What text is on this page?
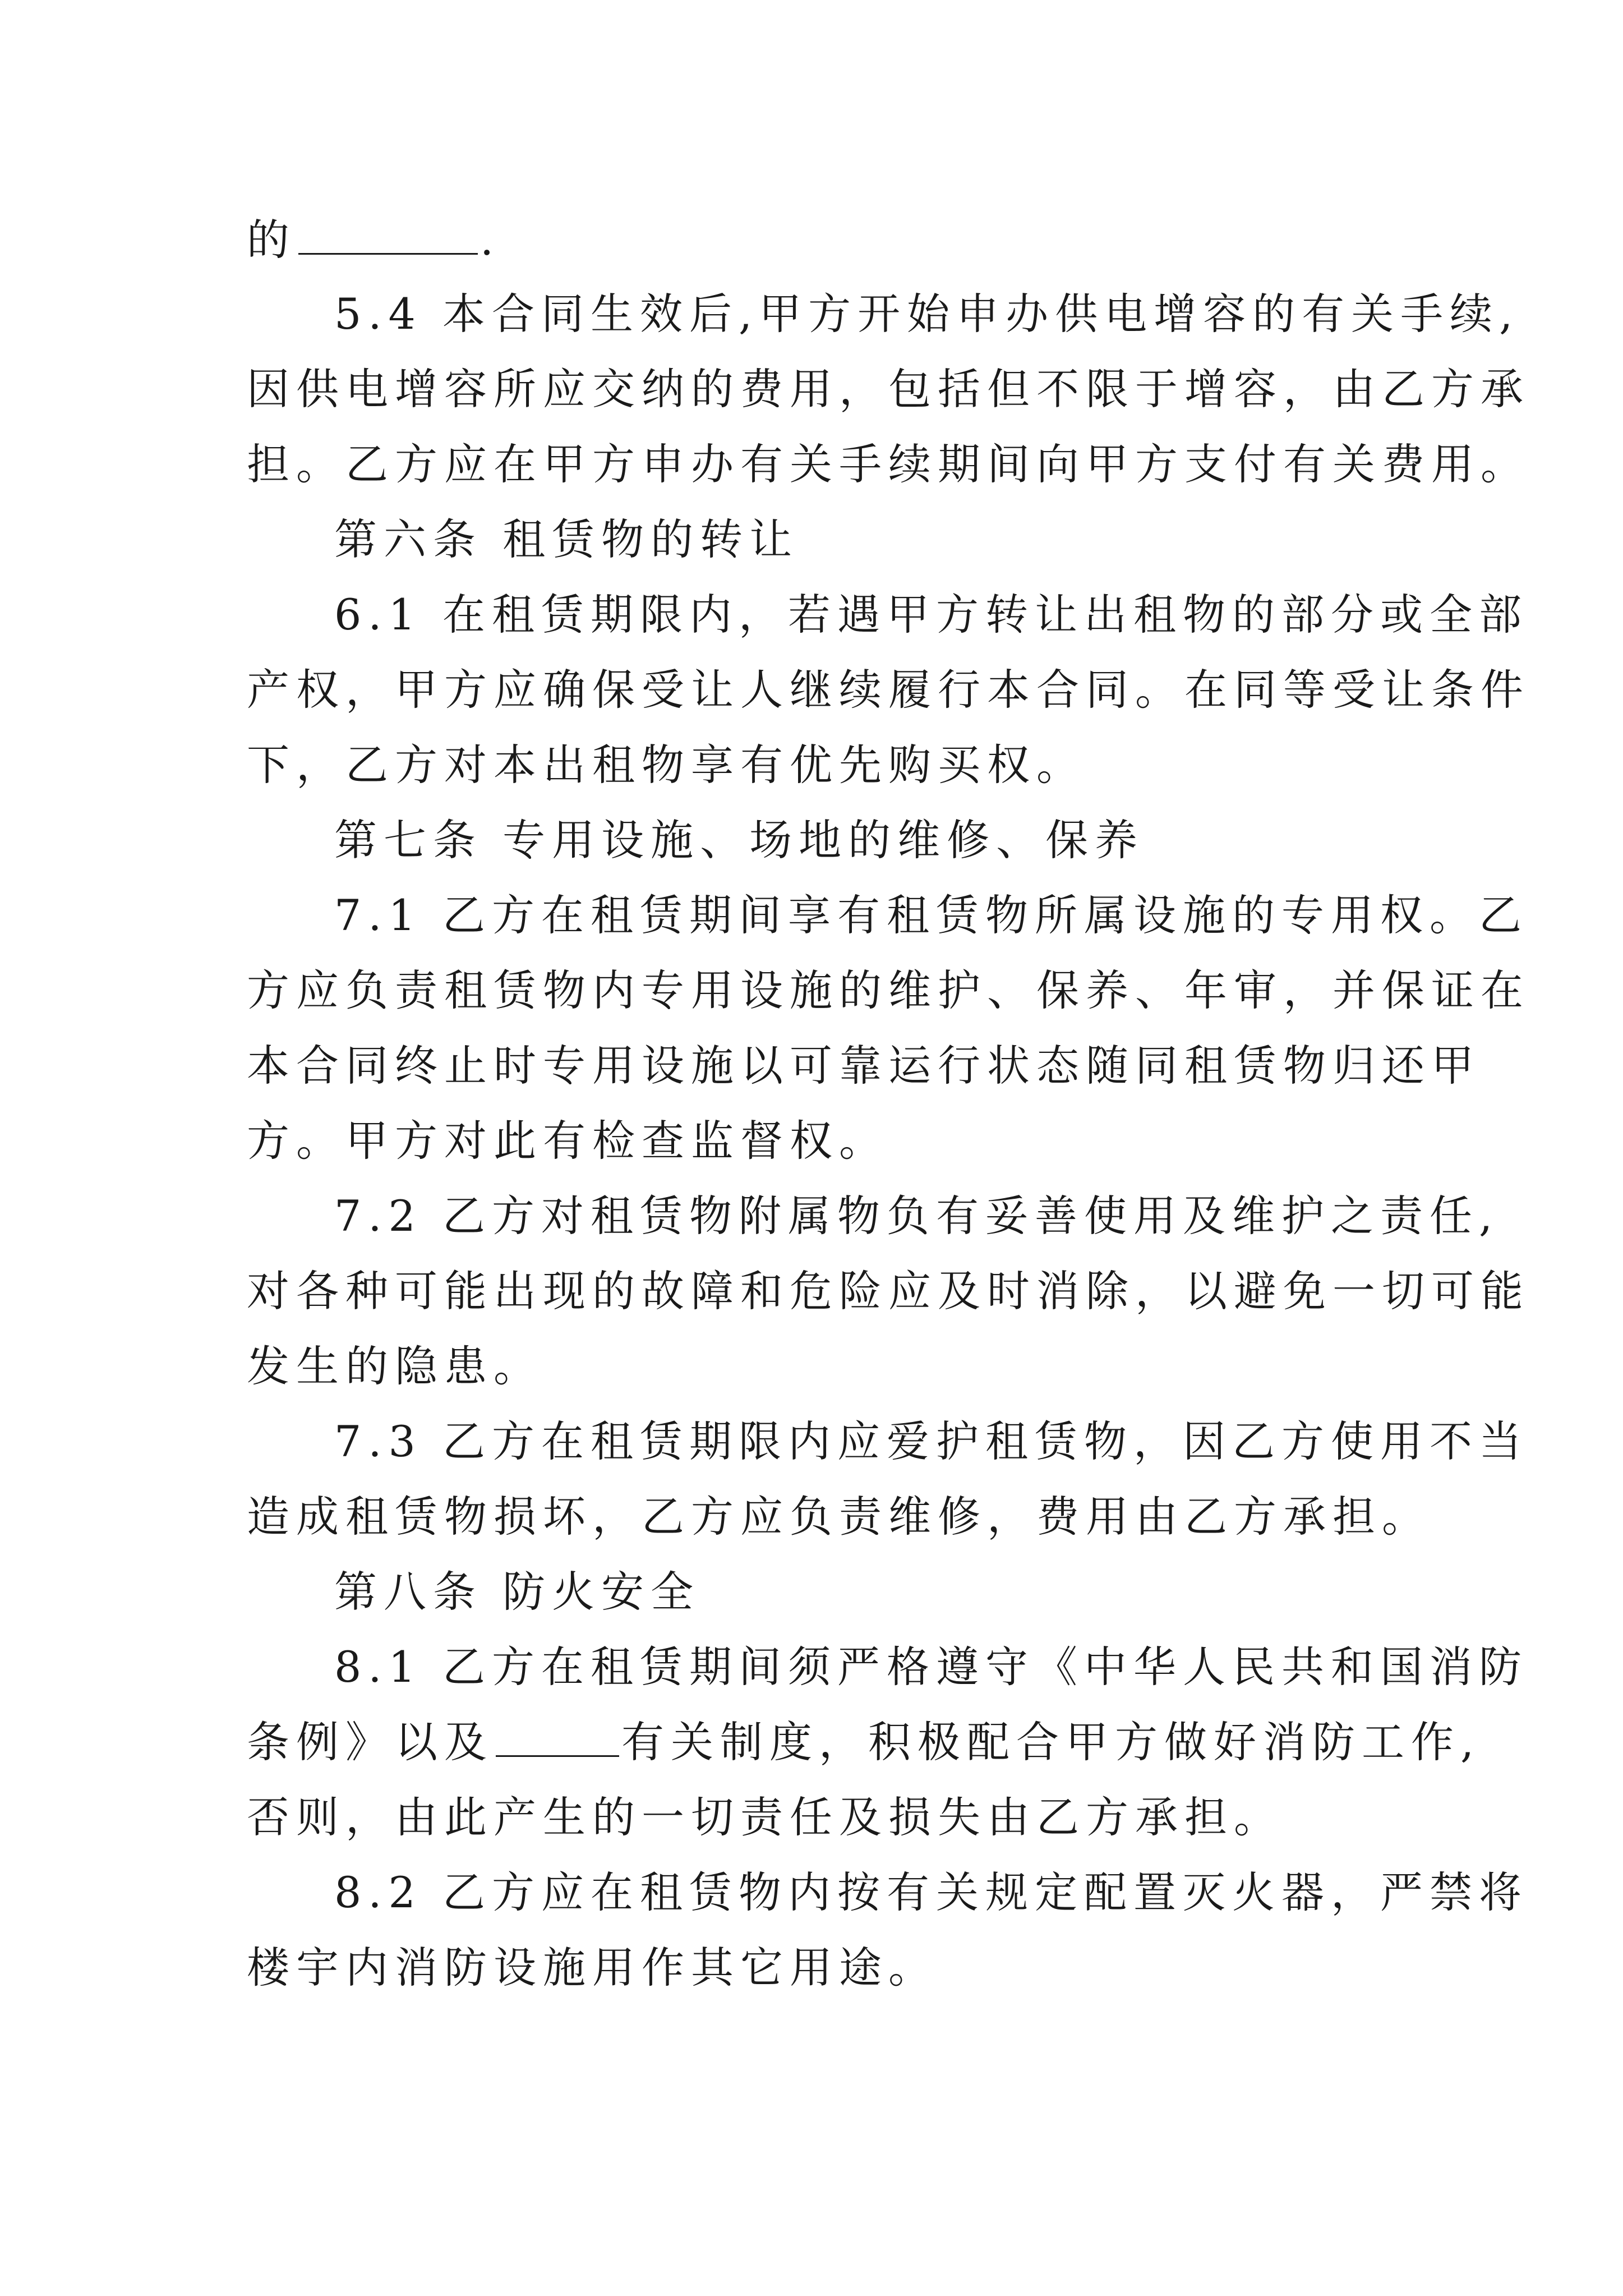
的	.
5.4 本合同生效后,甲方开始申办供电增容的有关手续,
因供电增容所应交纳的费用，包括但不限于增容，由乙方承
担。乙方应在甲方申办有关手续期间向甲方支付有关费用。
第六条 租赁物的转让
6.1 在租赁期限内，若遇甲方转让出租物的部分或全部
产权，甲方应确保受让人继续履行本合同。在同等受让条件
下，乙方对本出租物享有优先购买权。
第七条 专用设施、场地的维修、保养
7.1 乙方在租赁期间享有租赁物所属设施的专用权。乙
方应负责租赁物内专用设施的维护、保养、年审，并保证在
本合同终止时专用设施以可靠运行状态随同租赁物归还甲
方。甲方对此有检查监督权。
7.2 乙方对租赁物附属物负有妥善使用及维护之责任,
对各种可能出现的故障和危险应及时消除，以避免一切可能
发生的隐患。
7.3 乙方在租赁期限内应爱护租赁物，因乙方使用不当
造成租赁物损坏，乙方应负责维修，费用由乙方承担。
第八条 防火安全
8.1 乙方在租赁期间须严格遵守《中华人民共和国消防
条例》以及	有关制度，积极配合甲方做好消防工作,
否则，由此产生的一切责任及损失由乙方承担。
8.2 乙方应在租赁物内按有关规定配置灭火器，严禁将
楼宇内消防设施用作其它用途。
